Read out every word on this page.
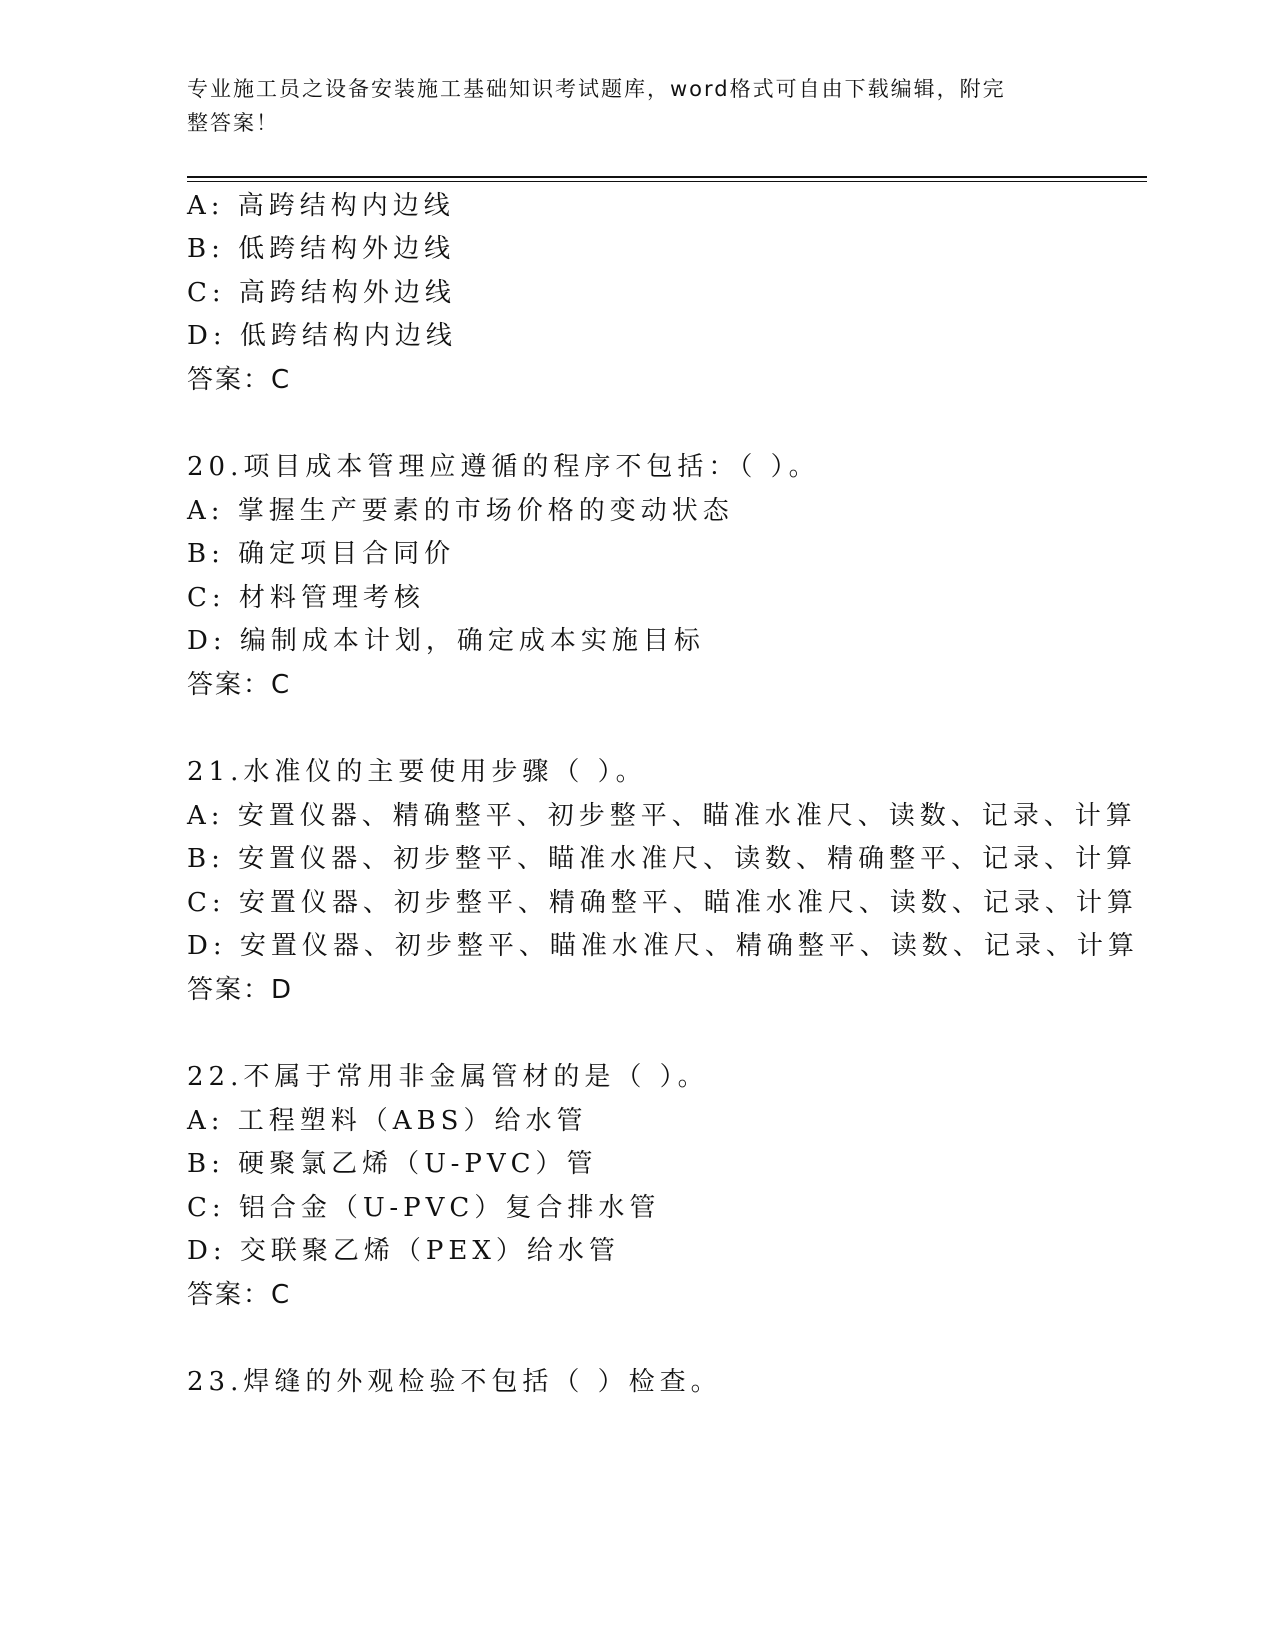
专业施工员之设备安装施工基础知识考试题库，word格式可自由下载编辑，附完
整答案！
A: 高跨结构内边线
B: 低跨结构外边线
C: 高跨结构外边线
D: 低跨结构内边线
答案：C
20.项目成本管理应遵循的程序不包括：（ ）。
A: 掌握生产要素的市场价格的变动状态
B: 确定项目合同价
C: 材料管理考核
D: 编制成本计划，确定成本实施目标
答案：C
21.水准仪的主要使用步骤（ ）。
A: 安置仪器、精确整平、初步整平、瞄准水准尺、读数、记录、计算
B: 安置仪器、初步整平、瞄准水准尺、读数、精确整平、记录、计算
C: 安置仪器、初步整平、精确整平、瞄准水准尺、读数、记录、计算
D: 安置仪器、初步整平、瞄准水准尺、精确整平、读数、记录、计算
答案：D
22.不属于常用非金属管材的是（ ）。
A: 工程塑料（ABS）给水管
B: 硬聚氯乙烯（U-PVC）管
C: 铝合金（U-PVC）复合排水管
D: 交联聚乙烯（PEX）给水管
答案：C
23.焊缝的外观检验不包括（ ）检查。
